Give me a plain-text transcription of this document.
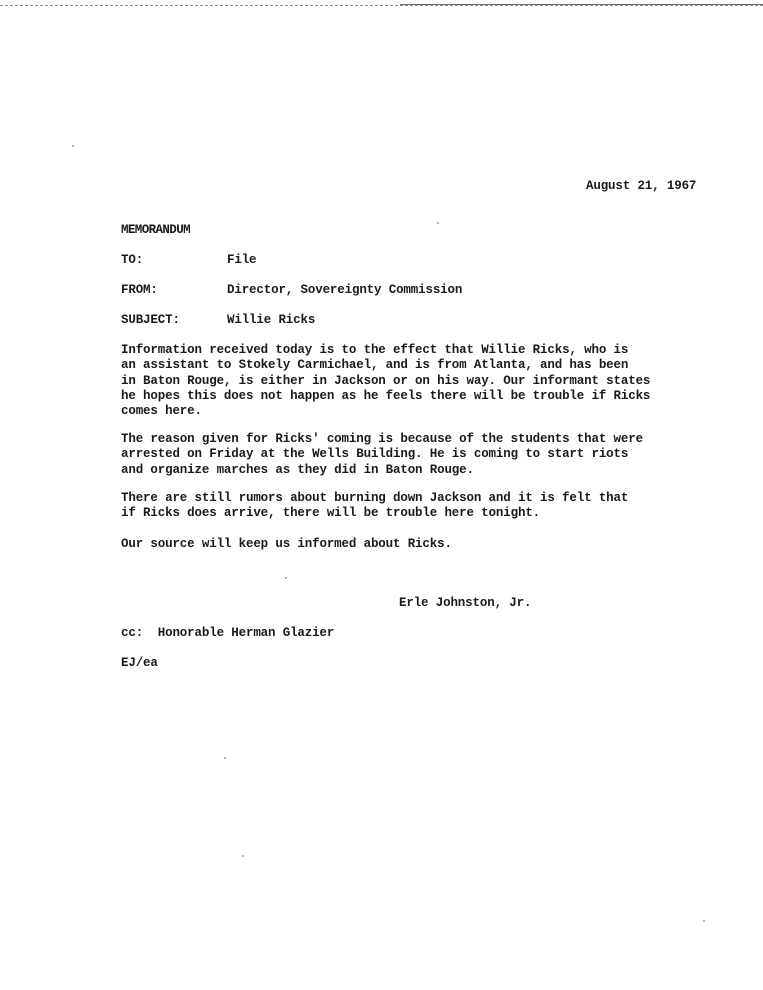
August 21, 1967
MEMORANDUM
TO:	File
FROM:	Director, Sovereignty Commission
SUBJECT:	Willie Ricks
Information received today is to the effect that Willie Ricks, who is
an assistant to Stokely Carmichael, and is from Atlanta, and has been
in Baton Rouge, is either in Jackson or on his way. Our informant states
he hopes this does not happen as he feels there will be trouble if Ricks
comes here.
The reason given for Ricks' coming is because of the students that were
arrested on Friday at the Wells Building. He is coming to start riots
and organize marches as they did in Baton Rouge.
There are still rumors about burning down Jackson and it is felt that
if Ricks does arrive, there will be trouble here tonight.
Our source will keep us informed about Ricks.
Erle Johnston, Jr.
cc:  Honorable Herman Glazier
EJ/ea
